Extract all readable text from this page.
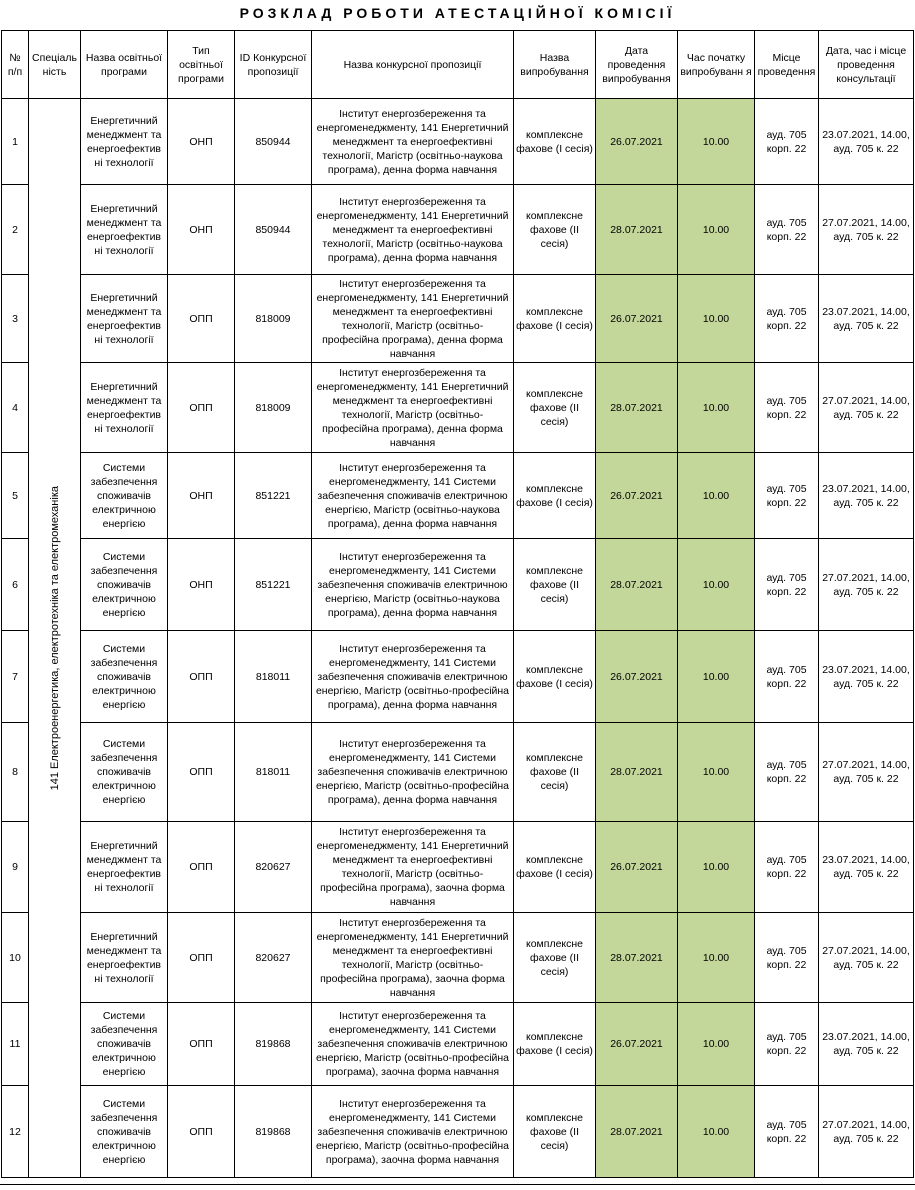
РОЗКЛАД РОБОТИ АТЕСТАЦІЙНОЇ КОМІСІЇ
№ п/п	Спеціаль ність	Назва освітньої програми	Тип освітньої програми	ID Конкурсної пропозиції	Назва конкурсної пропозиції	Назва випробування	Дата проведення випробування	Час початку випробуванн я	Місце проведення	Дата, час і місце проведення консультації
1	141 Електроенергетика, електротехніка та електромеханіка	Енергетичний менеджмент та енергоефектив ні технології	ОНП	850944	Інститут енергозбереження та енергоменеджменту, 141 Енергетичний менеджмент та енергоефективні технології, Магістр (освітньо-наукова програма), денна форма навчання	комплексне фахове (І сесія)	26.07.2021	10.00	ауд. 705 корп. 22	23.07.2021, 14.00, ауд. 705 к. 22
2		Енергетичний менеджмент та енергоефектив ні технології	ОНП	850944	Інститут енергозбереження та енергоменеджменту, 141 Енергетичний менеджмент та енергоефективні технології, Магістр (освітньо-наукова програма), денна форма навчання	комплексне фахове (ІІ сесія)	28.07.2021	10.00	ауд. 705 корп. 22	27.07.2021, 14.00, ауд. 705 к. 22
3		Енергетичний менеджмент та енергоефектив ні технології	ОПП	818009	Інститут енергозбереження та енергоменеджменту, 141 Енергетичний менеджмент та енергоефективні технології, Магістр (освітньо-професійна програма), денна форма навчання	комплексне фахове (І сесія)	26.07.2021	10.00	ауд. 705 корп. 22	23.07.2021, 14.00, ауд. 705 к. 22
4		Енергетичний менеджмент та енергоефектив ні технології	ОПП	818009	Інститут енергозбереження та енергоменеджменту, 141 Енергетичний менеджмент та енергоефективні технології, Магістр (освітньо-професійна програма), денна форма навчання	комплексне фахове (ІІ сесія)	28.07.2021	10.00	ауд. 705 корп. 22	27.07.2021, 14.00, ауд. 705 к. 22
5		Системи забезпечення споживачів електричною енергією	ОНП	851221	Інститут енергозбереження та енергоменеджменту, 141 Системи забезпечення споживачів електричною енергією, Магістр (освітньо-наукова програма), денна форма навчання	комплексне фахове (І сесія)	26.07.2021	10.00	ауд. 705 корп. 22	23.07.2021, 14.00, ауд. 705 к. 22
6		Системи забезпечення споживачів електричною енергією	ОНП	851221	Інститут енергозбереження та енергоменеджменту, 141 Системи забезпечення споживачів електричною енергією, Магістр (освітньо-наукова програма), денна форма навчання	комплексне фахове (ІІ сесія)	28.07.2021	10.00	ауд. 705 корп. 22	27.07.2021, 14.00, ауд. 705 к. 22
7		Системи забезпечення споживачів електричною енергією	ОПП	818011	Інститут енергозбереження та енергоменеджменту, 141 Системи забезпечення споживачів електричною енергією, Магістр (освітньо-професійна програма), денна форма навчання	комплексне фахове (І сесія)	26.07.2021	10.00	ауд. 705 корп. 22	23.07.2021, 14.00, ауд. 705 к. 22
8		Системи забезпечення споживачів електричною енергією	ОПП	818011	Інститут енергозбереження та енергоменеджменту, 141 Системи забезпечення споживачів електричною енергією, Магістр (освітньо-професійна програма), денна форма навчання	комплексне фахове (ІІ сесія)	28.07.2021	10.00	ауд. 705 корп. 22	27.07.2021, 14.00, ауд. 705 к. 22
9		Енергетичний менеджмент та енергоефектив ні технології	ОПП	820627	Інститут енергозбереження та енергоменеджменту, 141 Енергетичний менеджмент та енергоефективні технології, Магістр (освітньо-професійна програма), заочна форма навчання	комплексне фахове (І сесія)	26.07.2021	10.00	ауд. 705 корп. 22	23.07.2021, 14.00, ауд. 705 к. 22
10		Енергетичний менеджмент та енергоефектив ні технології	ОПП	820627	Інститут енергозбереження та енергоменеджменту, 141 Енергетичний менеджмент та енергоефективні технології, Магістр (освітньо-професійна програма), заочна форма навчання	комплексне фахове (ІІ сесія)	28.07.2021	10.00	ауд. 705 корп. 22	27.07.2021, 14.00, ауд. 705 к. 22
11		Системи забезпечення споживачів електричною енергією	ОПП	819868	Інститут енергозбереження та енергоменеджменту, 141 Системи забезпечення споживачів електричною енергією, Магістр (освітньо-професійна програма), заочна форма навчання	комплексне фахове (І сесія)	26.07.2021	10.00	ауд. 705 корп. 22	23.07.2021, 14.00, ауд. 705 к. 22
12		Системи забезпечення споживачів електричною енергією	ОПП	819868	Інститут енергозбереження та енергоменеджменту, 141 Системи забезпечення споживачів електричною енергією, Магістр (освітньо-професійна програма), заочна форма навчання	комплексне фахове (ІІ сесія)	28.07.2021	10.00	ауд. 705 корп. 22	27.07.2021, 14.00, ауд. 705 к. 22
